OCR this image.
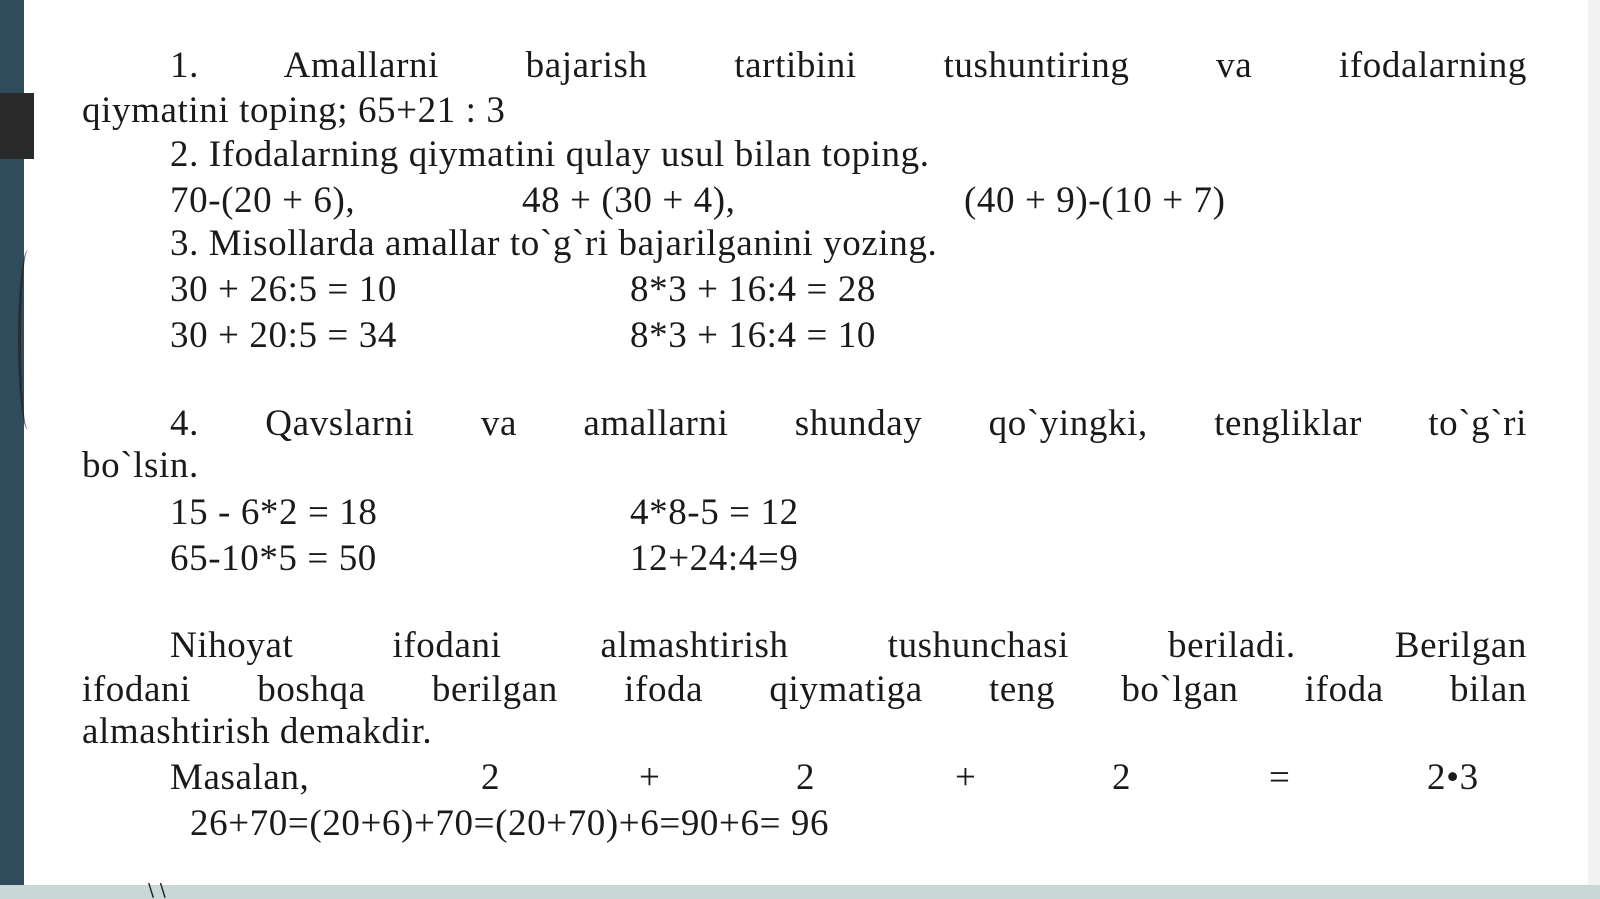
\ \
1. Amallarni bajarish tartibini tushuntiring va ifodalarning
qiymatini toping; 65+21 : 3
2. Ifodalarning qiymatini qulay usul bilan toping.
70-(20 + 6),	48 + (30 + 4),	(40 + 9)-(10 + 7)
3. Misollarda amallar to`g`ri bajarilganini yozing.
30 + 26:5 = 10	8*3 + 16:4 = 28
30 + 20:5 = 34	8*3 + 16:4 = 10
4. Qavslarni va amallarni shunday qo`yingki, tengliklar to`g`ri
bo`lsin.
15 - 6*2 = 18	4*8-5 = 12
65-10*5 = 50	12+24:4=9
Nihoyat ifodani almashtirish tushunchasi beriladi. Berilgan
ifodani boshqa berilgan ifoda qiymatiga teng bo`lgan ifoda bilan
almashtirish demakdir.
Masalan,	2	+	2	+	2	=	2•3
26+70=(20+6)+70=(20+70)+6=90+6= 96
